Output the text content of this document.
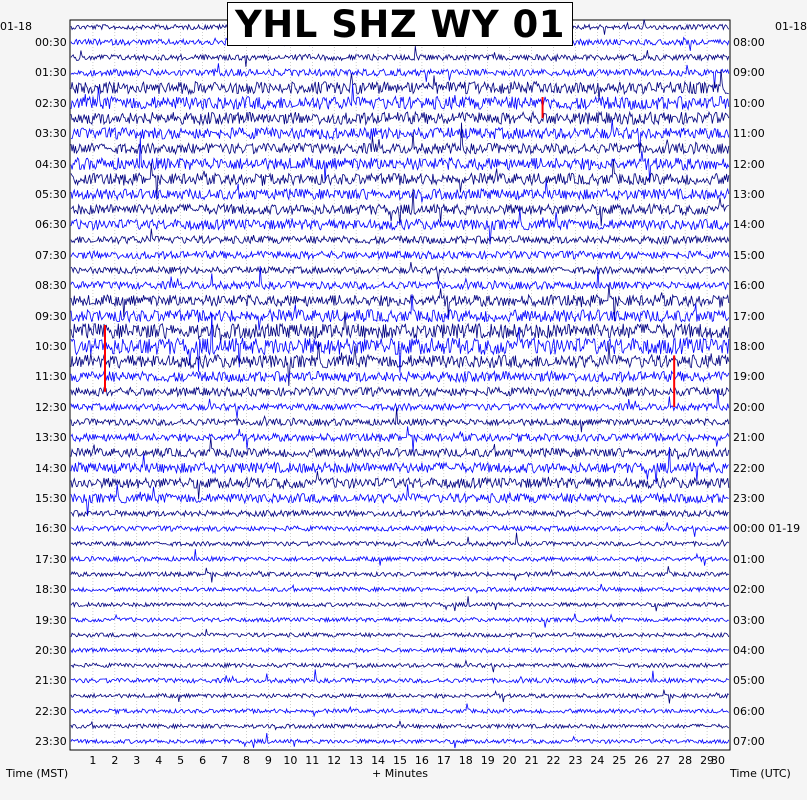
YHL SHZ WY 01
01-18	01-18
00:30
01:30
02:30
03:30
04:30
05:30
06:30
07:30
08:30
09:30
10:30
11:30
12:30
13:30
14:30
15:30
16:30
17:30
18:30
19:30
20:30
21:30
22:30
23:30
08:00
09:00
10:00
11:00
12:00
13:00
14:00
15:00
16:00
17:00
18:00
19:00
20:00
21:00
22:00
23:00
00:00 01-19
01:00
02:00
03:00
04:00
05:00
06:00
07:00
1 2 3 4 5 6 7 8 9 10 11 12 13 14 15 16 17 18 19 20 21 22 23 24 25 26 27 28 29
30
Time (MST)	+ Minutes	Time (UTC)
